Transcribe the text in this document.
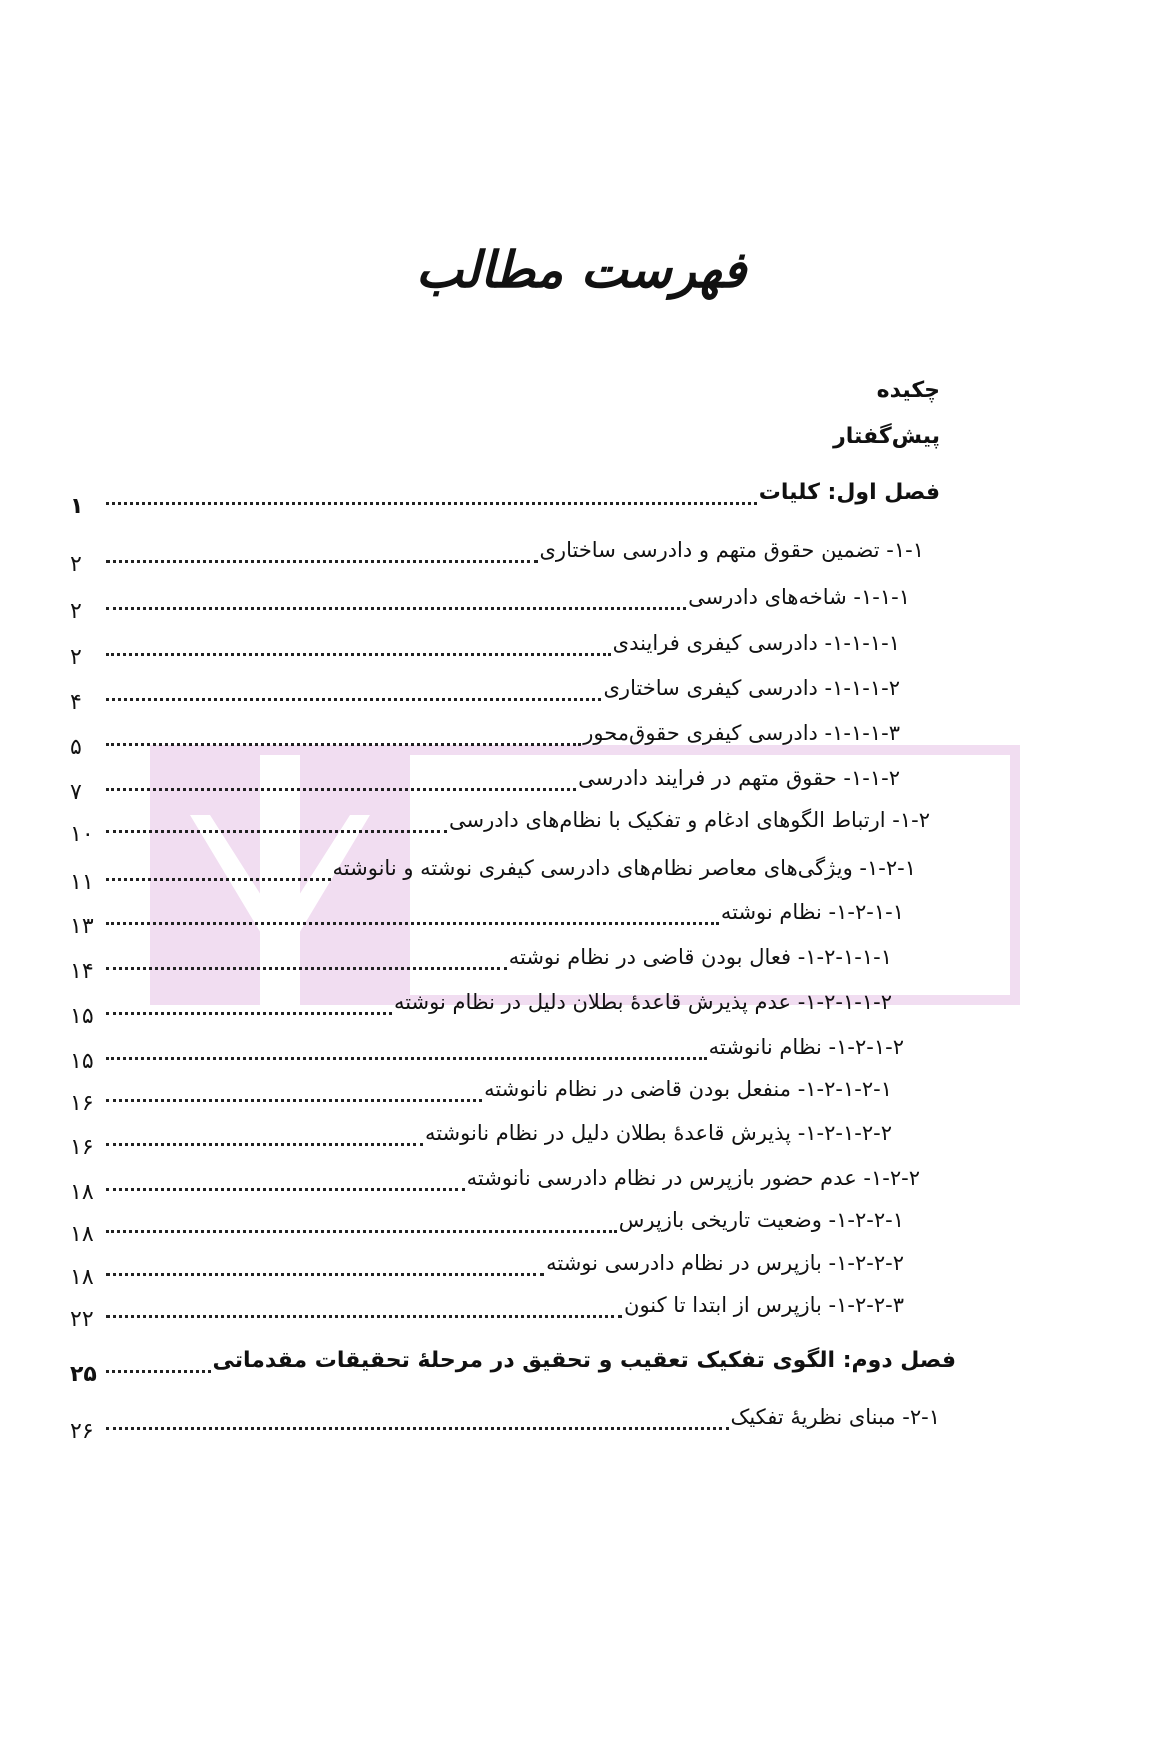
فهرست مطالب
چکیده
پیش‌گفتار
فصل اول: کلیات
۱
۱-۱- تضمین حقوق متهم و دادرسی ساختاری
۲
۱-۱-۱- شاخه‌های دادرسی
۲
۱-۱-۱-۱- دادرسی کیفری فرایندی
۲
۱-۱-۱-۲- دادرسی کیفری ساختاری
۴
۱-۱-۱-۳- دادرسی کیفری حقوق‌محور
۵
۱-۱-۲- حقوق متهم در فرایند دادرسی
۷
۱-۲- ارتباط الگوهای ادغام و تفکیک با نظام‌های دادرسی
۱۰
۱-۲-۱- ویژگی‌های معاصر نظام‌های دادرسی کیفری نوشته و نانوشته
۱۱
۱-۲-۱-۱- نظام نوشته
۱۳
۱-۲-۱-۱-۱- فعال بودن قاضی در نظام نوشته
۱۴
۱-۲-۱-۱-۲- عدم پذیرش قاعدهٔ بطلان دلیل در نظام نوشته
۱۵
۱-۲-۱-۲- نظام نانوشته
۱۵
۱-۲-۱-۲-۱- منفعل بودن قاضی در نظام نانوشته
۱۶
۱-۲-۱-۲-۲- پذیرش قاعدهٔ بطلان دلیل در نظام نانوشته
۱۶
۱-۲-۲- عدم حضور بازپرس در نظام دادرسی نانوشته
۱۸
۱-۲-۲-۱- وضعیت تاریخی بازپرس
۱۸
۱-۲-۲-۲- بازپرس در نظام دادرسی نوشته
۱۸
۱-۲-۲-۳- بازپرس از ابتدا تا کنون
۲۲
فصل دوم: الگوی تفکیک تعقیب و تحقیق در مرحلهٔ تحقیقات مقدماتی
۲۵
۲-۱- مبنای نظریهٔ تفکیک
۲۶
